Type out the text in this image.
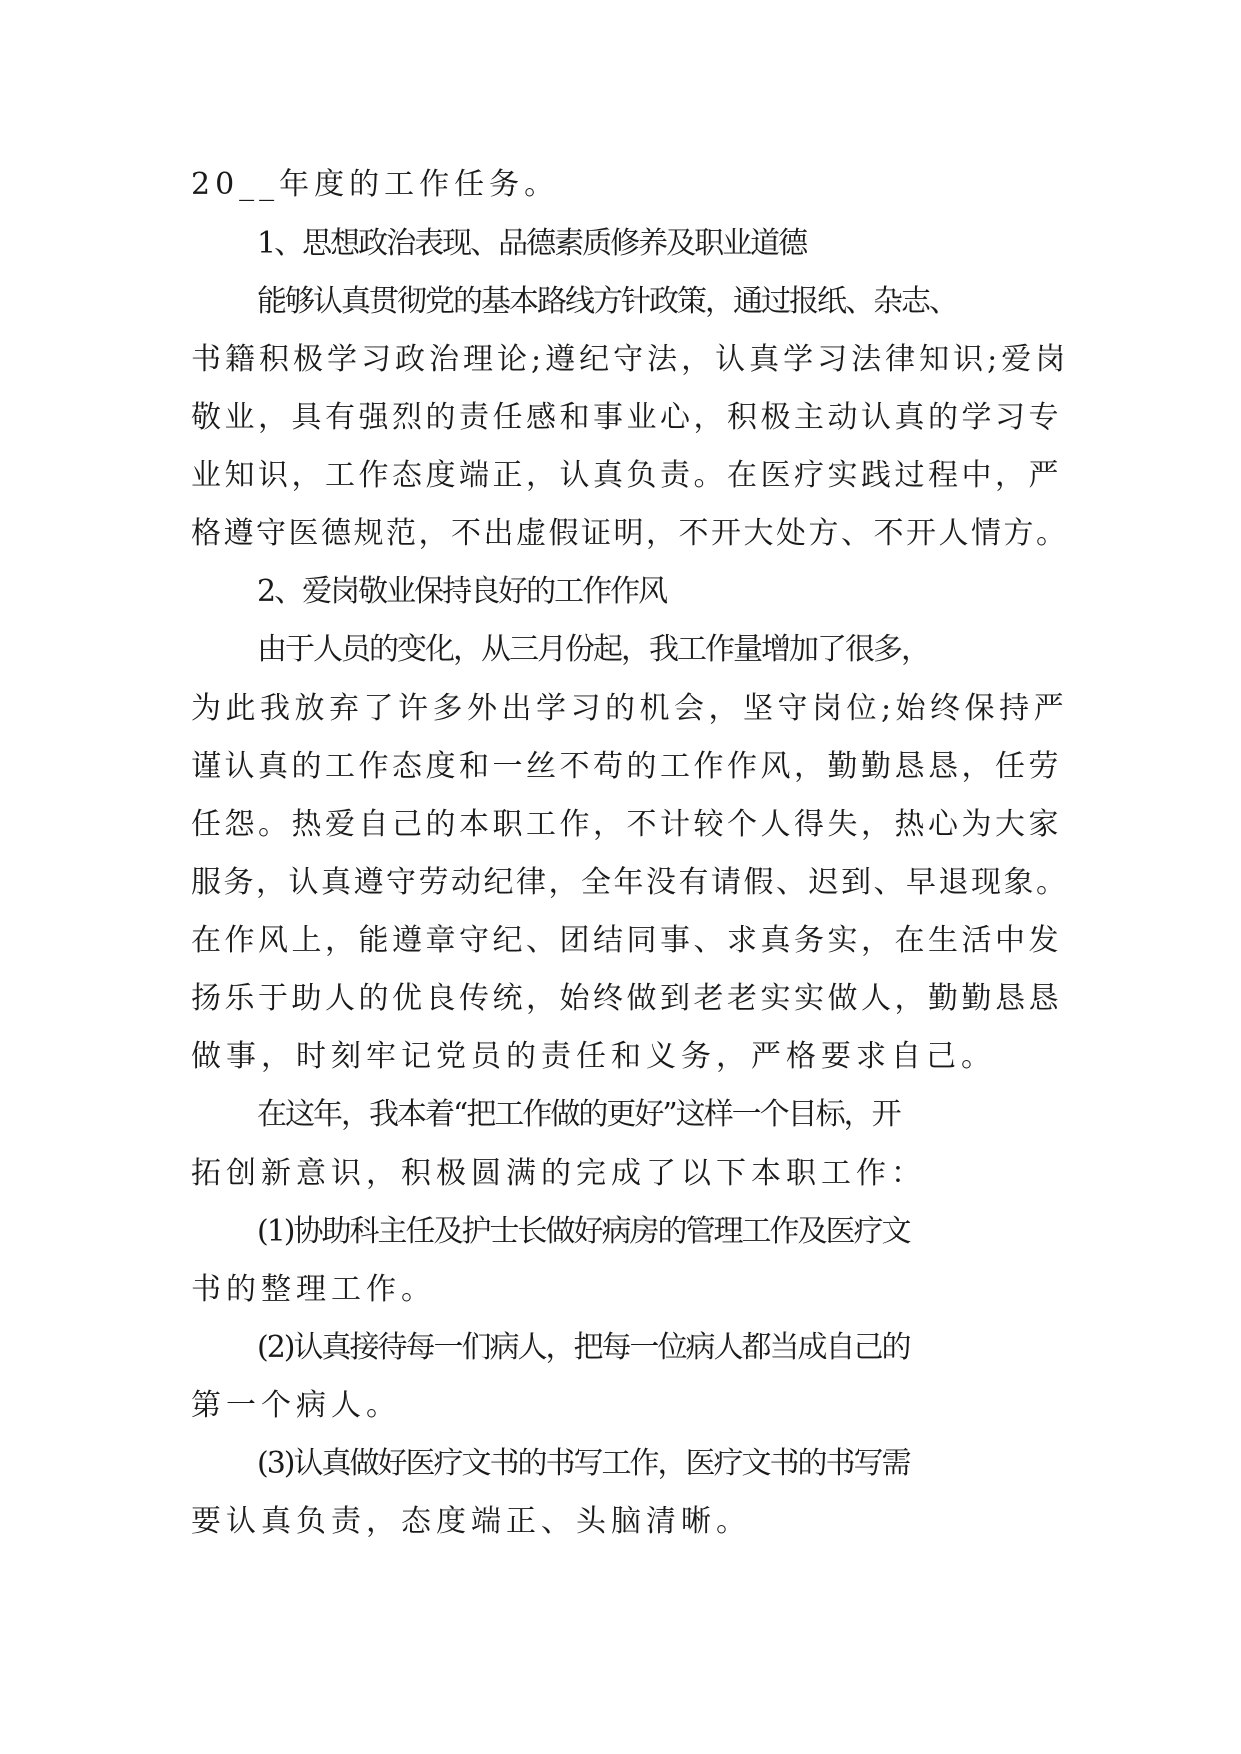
20__年度的工作任务。
1、思想政治表现、品德素质修养及职业道德
能够认真贯彻党的基本路线方针政策，通过报纸、杂志、
书籍积极学习政治理论;遵纪守法，认真学习法律知识;爱岗
敬业，具有强烈的责任感和事业心，积极主动认真的学习专
业知识，工作态度端正，认真负责。在医疗实践过程中，严
格遵守医德规范，不出虚假证明，不开大处方、不开人情方。
2、爱岗敬业保持良好的工作作风
由于人员的变化，从三月份起，我工作量增加了很多，
为此我放弃了许多外出学习的机会，坚守岗位;始终保持严
谨认真的工作态度和一丝不苟的工作作风，勤勤恳恳，任劳
任怨。热爱自己的本职工作，不计较个人得失，热心为大家
服务，认真遵守劳动纪律，全年没有请假、迟到、早退现象。
在作风上，能遵章守纪、团结同事、求真务实，在生活中发
扬乐于助人的优良传统，始终做到老老实实做人，勤勤恳恳
做事，时刻牢记党员的责任和义务，严格要求自己。
在这年，我本着“把工作做的更好”这样一个目标，开
拓创新意识，积极圆满的完成了以下本职工作：
(1)协助科主任及护士长做好病房的管理工作及医疗文
书的整理工作。
(2)认真接待每一们病人，把每一位病人都当成自己的
第一个病人。
(3)认真做好医疗文书的书写工作，医疗文书的书写需
要认真负责，态度端正、头脑清晰。
